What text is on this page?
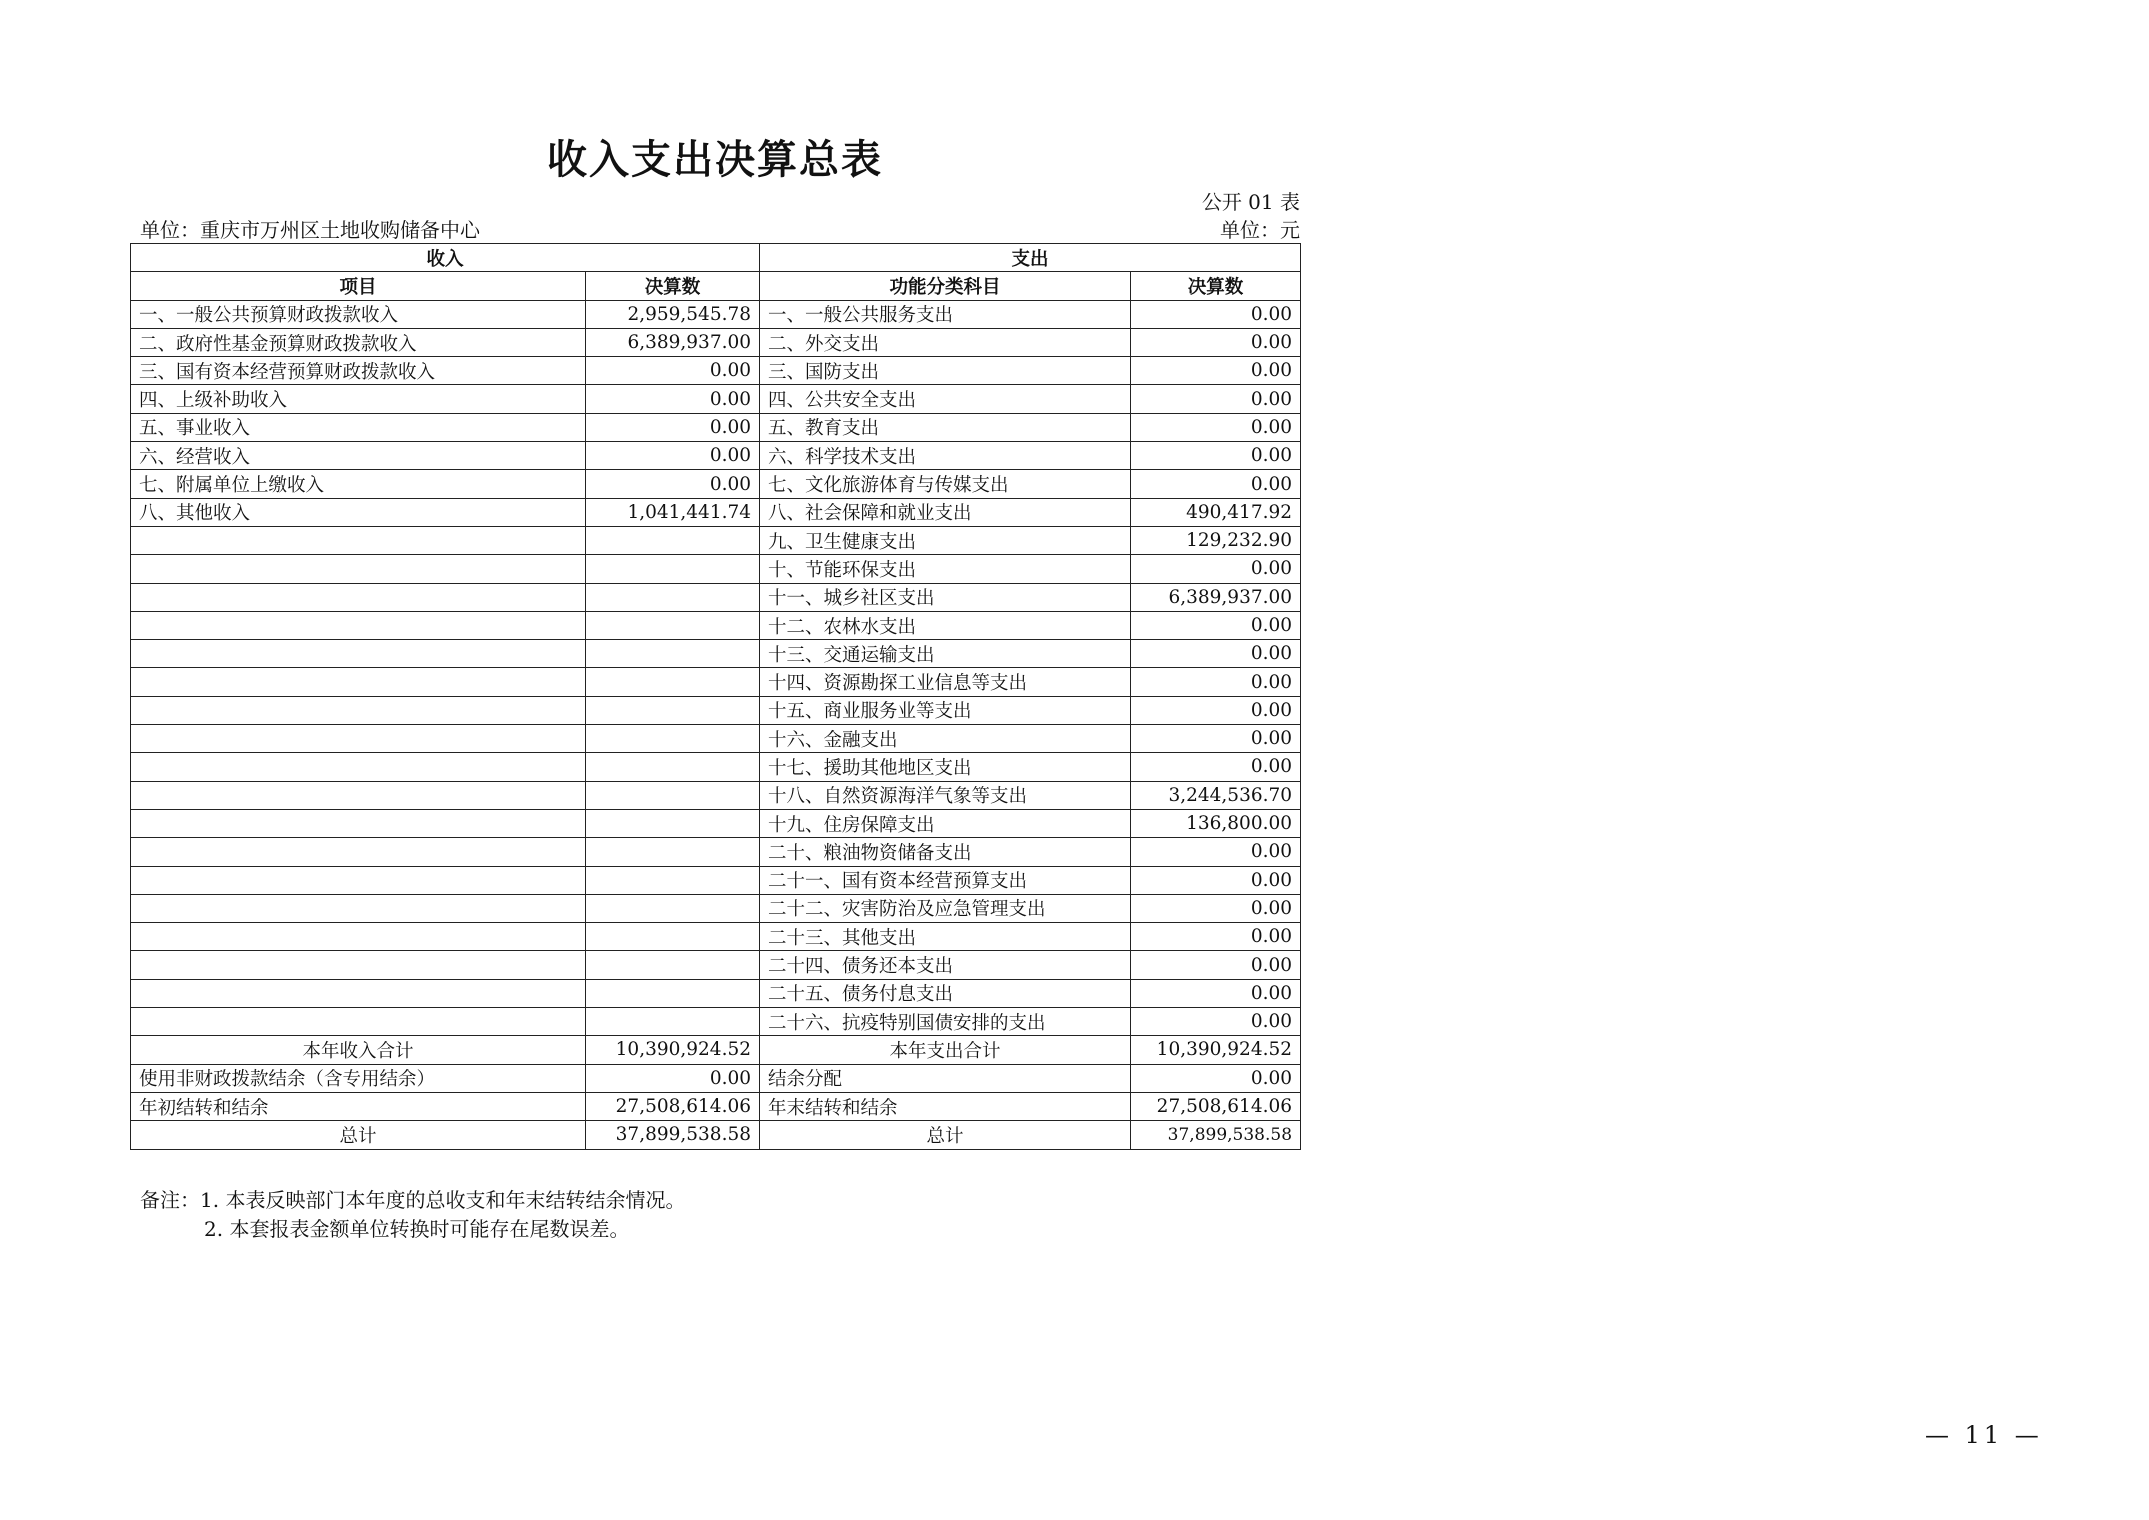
收入支出决算总表
公开 01 表
单位：重庆市万州区土地收购储备中心	单位：元
收入		支出	
项目	决算数	功能分类科目	决算数
一、一般公共预算财政拨款收入	2,959,545.78	一、一般公共服务支出	0.00
二、政府性基金预算财政拨款收入	6,389,937.00	二、外交支出	0.00
三、国有资本经营预算财政拨款收入	0.00	三、国防支出	0.00
四、上级补助收入	0.00	四、公共安全支出	0.00
五、事业收入	0.00	五、教育支出	0.00
六、经营收入	0.00	六、科学技术支出	0.00
七、附属单位上缴收入	0.00	七、文化旅游体育与传媒支出	0.00
八、其他收入	1,041,441.74	八、社会保障和就业支出	490,417.92
		九、卫生健康支出	129,232.90
		十、节能环保支出	0.00
		十一、城乡社区支出	6,389,937.00
		十二、农林水支出	0.00
		十三、交通运输支出	0.00
		十四、资源勘探工业信息等支出	0.00
		十五、商业服务业等支出	0.00
		十六、金融支出	0.00
		十七、援助其他地区支出	0.00
		十八、自然资源海洋气象等支出	3,244,536.70
		十九、住房保障支出	136,800.00
		二十、粮油物资储备支出	0.00
		二十一、国有资本经营预算支出	0.00
		二十二、灾害防治及应急管理支出	0.00
		二十三、其他支出	0.00
		二十四、债务还本支出	0.00
		二十五、债务付息支出	0.00
		二十六、抗疫特别国债安排的支出	0.00
本年收入合计	10,390,924.52	本年支出合计	10,390,924.52
使用非财政拨款结余（含专用结余）	0.00	结余分配	0.00
年初结转和结余	27,508,614.06	年末结转和结余	27,508,614.06
总计	37,899,538.58	总计	37,899,538.58
备注：1. 本表反映部门本年度的总收支和年末结转结余情况。
2. 本套报表金额单位转换时可能存在尾数误差。
— 11 —
